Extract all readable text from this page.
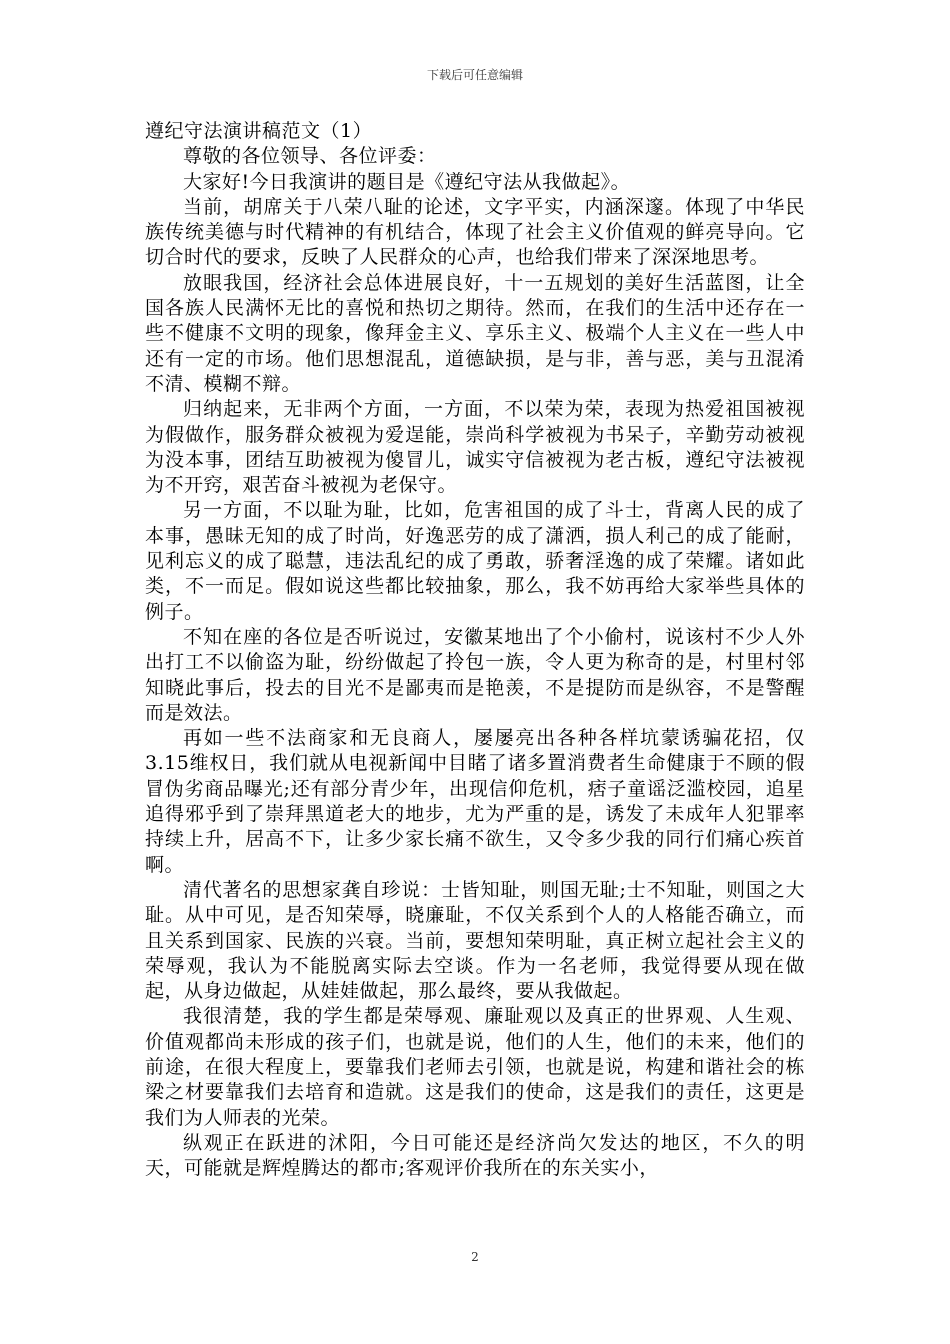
下载后可任意编辑
遵纪守法演讲稿范文（1）

尊敬的各位领导、各位评委：

大家好!今日我演讲的题目是《遵纪守法从我做起》。

当前，胡席关于八荣八耻的论述，文字平实，内涵深邃。体现了中华民族传统美德与时代精神的有机结合，体现了社会主义价值观的鲜亮导向。它切合时代的要求，反映了人民群众的心声，也给我们带来了深深地思考。

放眼我国，经济社会总体进展良好，十一五规划的美好生活蓝图，让全国各族人民满怀无比的喜悦和热切之期待。然而，在我们的生活中还存在一些不健康不文明的现象，像拜金主义、享乐主义、极端个人主义在一些人中还有一定的市场。他们思想混乱，道德缺损，是与非，善与恶，美与丑混淆不清、模糊不辩。

归纳起来，无非两个方面，一方面，不以荣为荣，表现为热爱祖国被视为假做作，服务群众被视为爱逞能，崇尚科学被视为书呆子，辛勤劳动被视为没本事，团结互助被视为傻冒儿，诚实守信被视为老古板，遵纪守法被视为不开窍，艰苦奋斗被视为老保守。

另一方面，不以耻为耻，比如，危害祖国的成了斗士，背离人民的成了本事，愚昧无知的成了时尚，好逸恶劳的成了潇洒，损人利己的成了能耐，见利忘义的成了聪慧，违法乱纪的成了勇敢，骄奢淫逸的成了荣耀。诸如此类，不一而足。假如说这些都比较抽象，那么，我不妨再给大家举些具体的例子。

不知在座的各位是否听说过，安徽某地出了个小偷村，说该村不少人外出打工不以偷盗为耻，纷纷做起了拎包一族，令人更为称奇的是，村里村邻知晓此事后，投去的目光不是鄙夷而是艳羡，不是提防而是纵容，不是警醒而是效法。

再如一些不法商家和无良商人，屡屡亮出各种各样坑蒙诱骗花招，仅3.15维权日，我们就从电视新闻中目睹了诸多置消费者生命健康于不顾的假冒伪劣商品曝光;还有部分青少年，出现信仰危机，痞子童谣泛滥校园，追星追得邪乎到了崇拜黑道老大的地步，尤为严重的是，诱发了未成年人犯罪率持续上升，居高不下，让多少家长痛不欲生，又令多少我的同行们痛心疾首啊。

清代著名的思想家龚自珍说：士皆知耻，则国无耻;士不知耻，则国之大耻。从中可见，是否知荣辱，晓廉耻，不仅关系到个人的人格能否确立，而且关系到国家、民族的兴衰。当前，要想知荣明耻，真正树立起社会主义的荣辱观，我认为不能脱离实际去空谈。作为一名老师，我觉得要从现在做起，从身边做起，从娃娃做起，那么最终，要从我做起。

我很清楚，我的学生都是荣辱观、廉耻观以及真正的世界观、人生观、价值观都尚未形成的孩子们，也就是说，他们的人生，他们的未来，他们的前途，在很大程度上，要靠我们老师去引领，也就是说，构建和谐社会的栋梁之材要靠我们去培育和造就。这是我们的使命，这是我们的责任，这更是我们为人师表的光荣。

纵观正在跃进的沭阳，今日可能还是经济尚欠发达的地区，不久的明天，可能就是辉煌腾达的都市;客观评价我所在的东关实小，

2
